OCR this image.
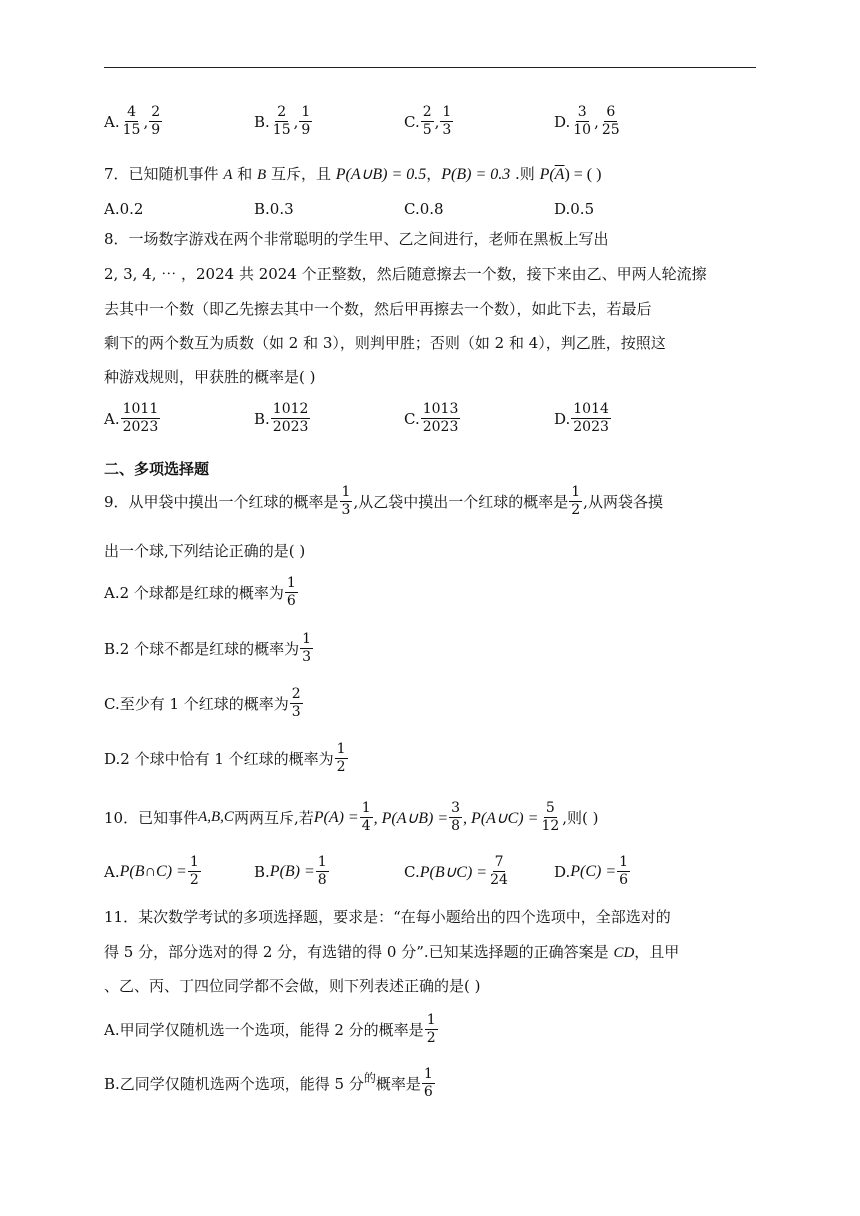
A. $\frac{4}{15}$ , $\frac{2}{9}$	B. $\frac{2}{15}$ , $\frac{1}{9}$	C. $\frac{2}{5}$ , $\frac{1}{3}$	D. $\frac{3}{10}$ , $\frac{6}{25}$
7．已知随机事件 A 和 B 互斥，且 P(A∪B) = 0.5，P(B) = 0.3 .则 $P(\overline{A})$ = ( )
A.0.2	B.0.3	C.0.8	D.0.5
8．一场数字游戏在两个非常聪明的学生甲、乙之间进行，老师在黑板上写出
2, 3, 4, ⋯ ，2024 共 2024 个正整数，然后随意擦去一个数，接下来由乙、甲两人轮流擦
去其中一个数（即乙先擦去其中一个数，然后甲再擦去一个数），如此下去，若最后
剩下的两个数互为质数（如 2 和 3），则判甲胜；否则（如 2 和 4），判乙胜，按照这
种游戏规则，甲获胜的概率是( )
A. $\frac{1011}{2023}$	B. $\frac{1012}{2023}$	C. $\frac{1013}{2023}$	D. $\frac{1014}{2023}$
二、多项选择题
9．从甲袋中摸出一个红球的概率是 $\frac{1}{3}$ ,从乙袋中摸出一个红球的概率是 $\frac{1}{2}$ ,从两袋各摸
出一个球,下列结论正确的是( )
A.2 个球都是红球的概率为 $\frac{1}{6}$
B.2 个球不都是红球的概率为 $\frac{1}{3}$
C.至少有 1 个红球的概率为 $\frac{2}{3}$
D.2 个球中恰有 1 个红球的概率为 $\frac{1}{2}$
10．已知事件 A,B,C 两两互斥,若 $P(A) = \frac{1}{4}$ , P(A∪B) = $\frac{3}{8}$ , P(A∪C) = $\frac{5}{12}$ ,则( )
A. P(B∩C) = $\frac{1}{2}$	B. $P(B) = \frac{1}{8}$	C. P(B∪C) = $\frac{7}{24}$	D. $P(C) = \frac{1}{6}$
11．某次数学考试的多项选择题，要求是：“在每小题给出的四个选项中，全部选对的
得 5 分，部分选对的得 2 分，有选错的得 0 分”.已知某选择题的正确答案是 CD，且甲
、乙、丙、丁四位同学都不会做，则下列表述正确的是( )
A.甲同学仅随机选一个选项，能得 2 分的概率是 $\frac{1}{2}$
B.乙同学仅随机选两个选项，能得 5 分 的 概率是 $\frac{1}{6}$
